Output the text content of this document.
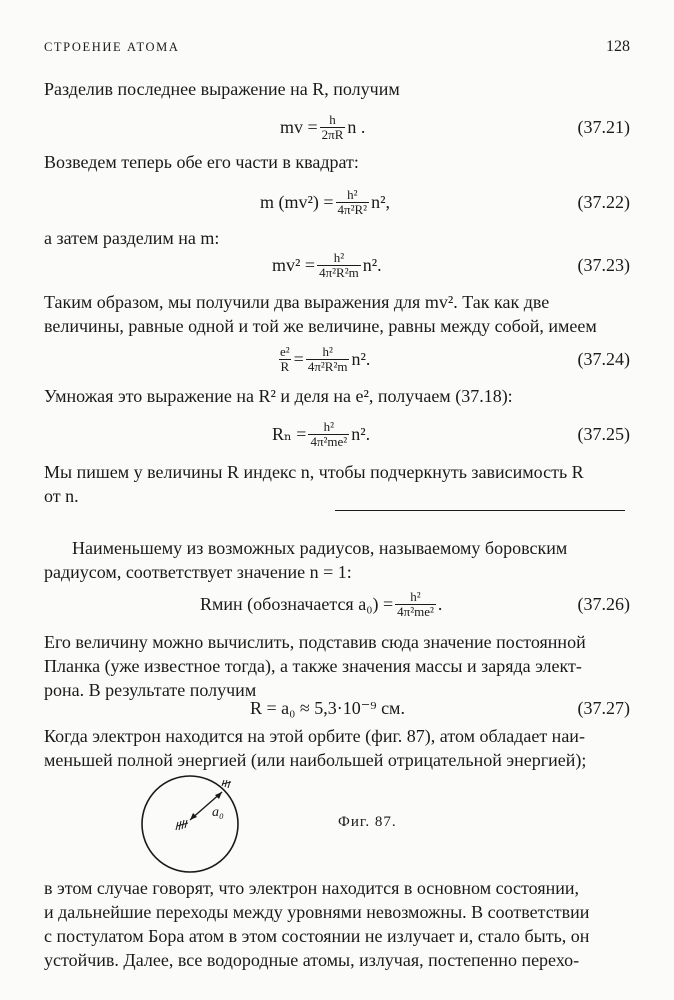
СТРОЕНИЕ АТОМА	128

Разделив последнее выражение на R, получим

mv = $\frac{h}{2\pi R}$ n .	(37.21)

Возведем теперь обе его части в квадрат:

m $(mv^2) = \frac{\text{h²}}{\text{4π²R²}} n^2$,	(37.22)

а затем разделим на m:

$mv^2 = \frac{\text{h²}}{\text{4π²R²m}} n^2$.	(37.23)

Таким образом, мы получили два выражения для mv². Так как две

величины, равные одной и той же величине, равны между собой, имеем

$\frac{\text{e²}}{R} = \frac{\text{h²}}{\text{4π²R²m}} n^2$.	(37.24)

Умножая это выражение на R² и деля на e², получаем (37.18):

$R_n = \frac{\text{h²}}{\text{4π²me²}} n^2$.	(37.25)

Мы пишем у величины R индекс n, чтобы подчеркнуть зависимость R

от n.

Наименьшему из возможных радиусов, называемому боровским

радиусом, соответствует значение n = 1:

Rмин (обозначается $a_0) = \frac{\text{h²}}{\text{4π²me²}}$ .	(37.26)

Его величину можно вычислить, подставив сюда значение постоянной

Планка (уже известное тогда), а также значения массы и заряда элект-

рона. В результате получим

R = a₀ ≈ 5,3·10⁻⁹ см.	(37.27)

Когда электрон находится на этой орбите (фиг. 87), атом обладает наи-

меньшей полной энергией (или наибольшей отрицательной энергией);

a₀
Фиг. 87.

в этом случае говорят, что электрон находится в основном состоянии,

и дальнейшие переходы между уровнями невозможны. В соответствии

с постулатом Бора атом в этом состоянии не излучает и, стало быть, он

устойчив. Далее, все водородные атомы, излучая, постепенно перехо-
